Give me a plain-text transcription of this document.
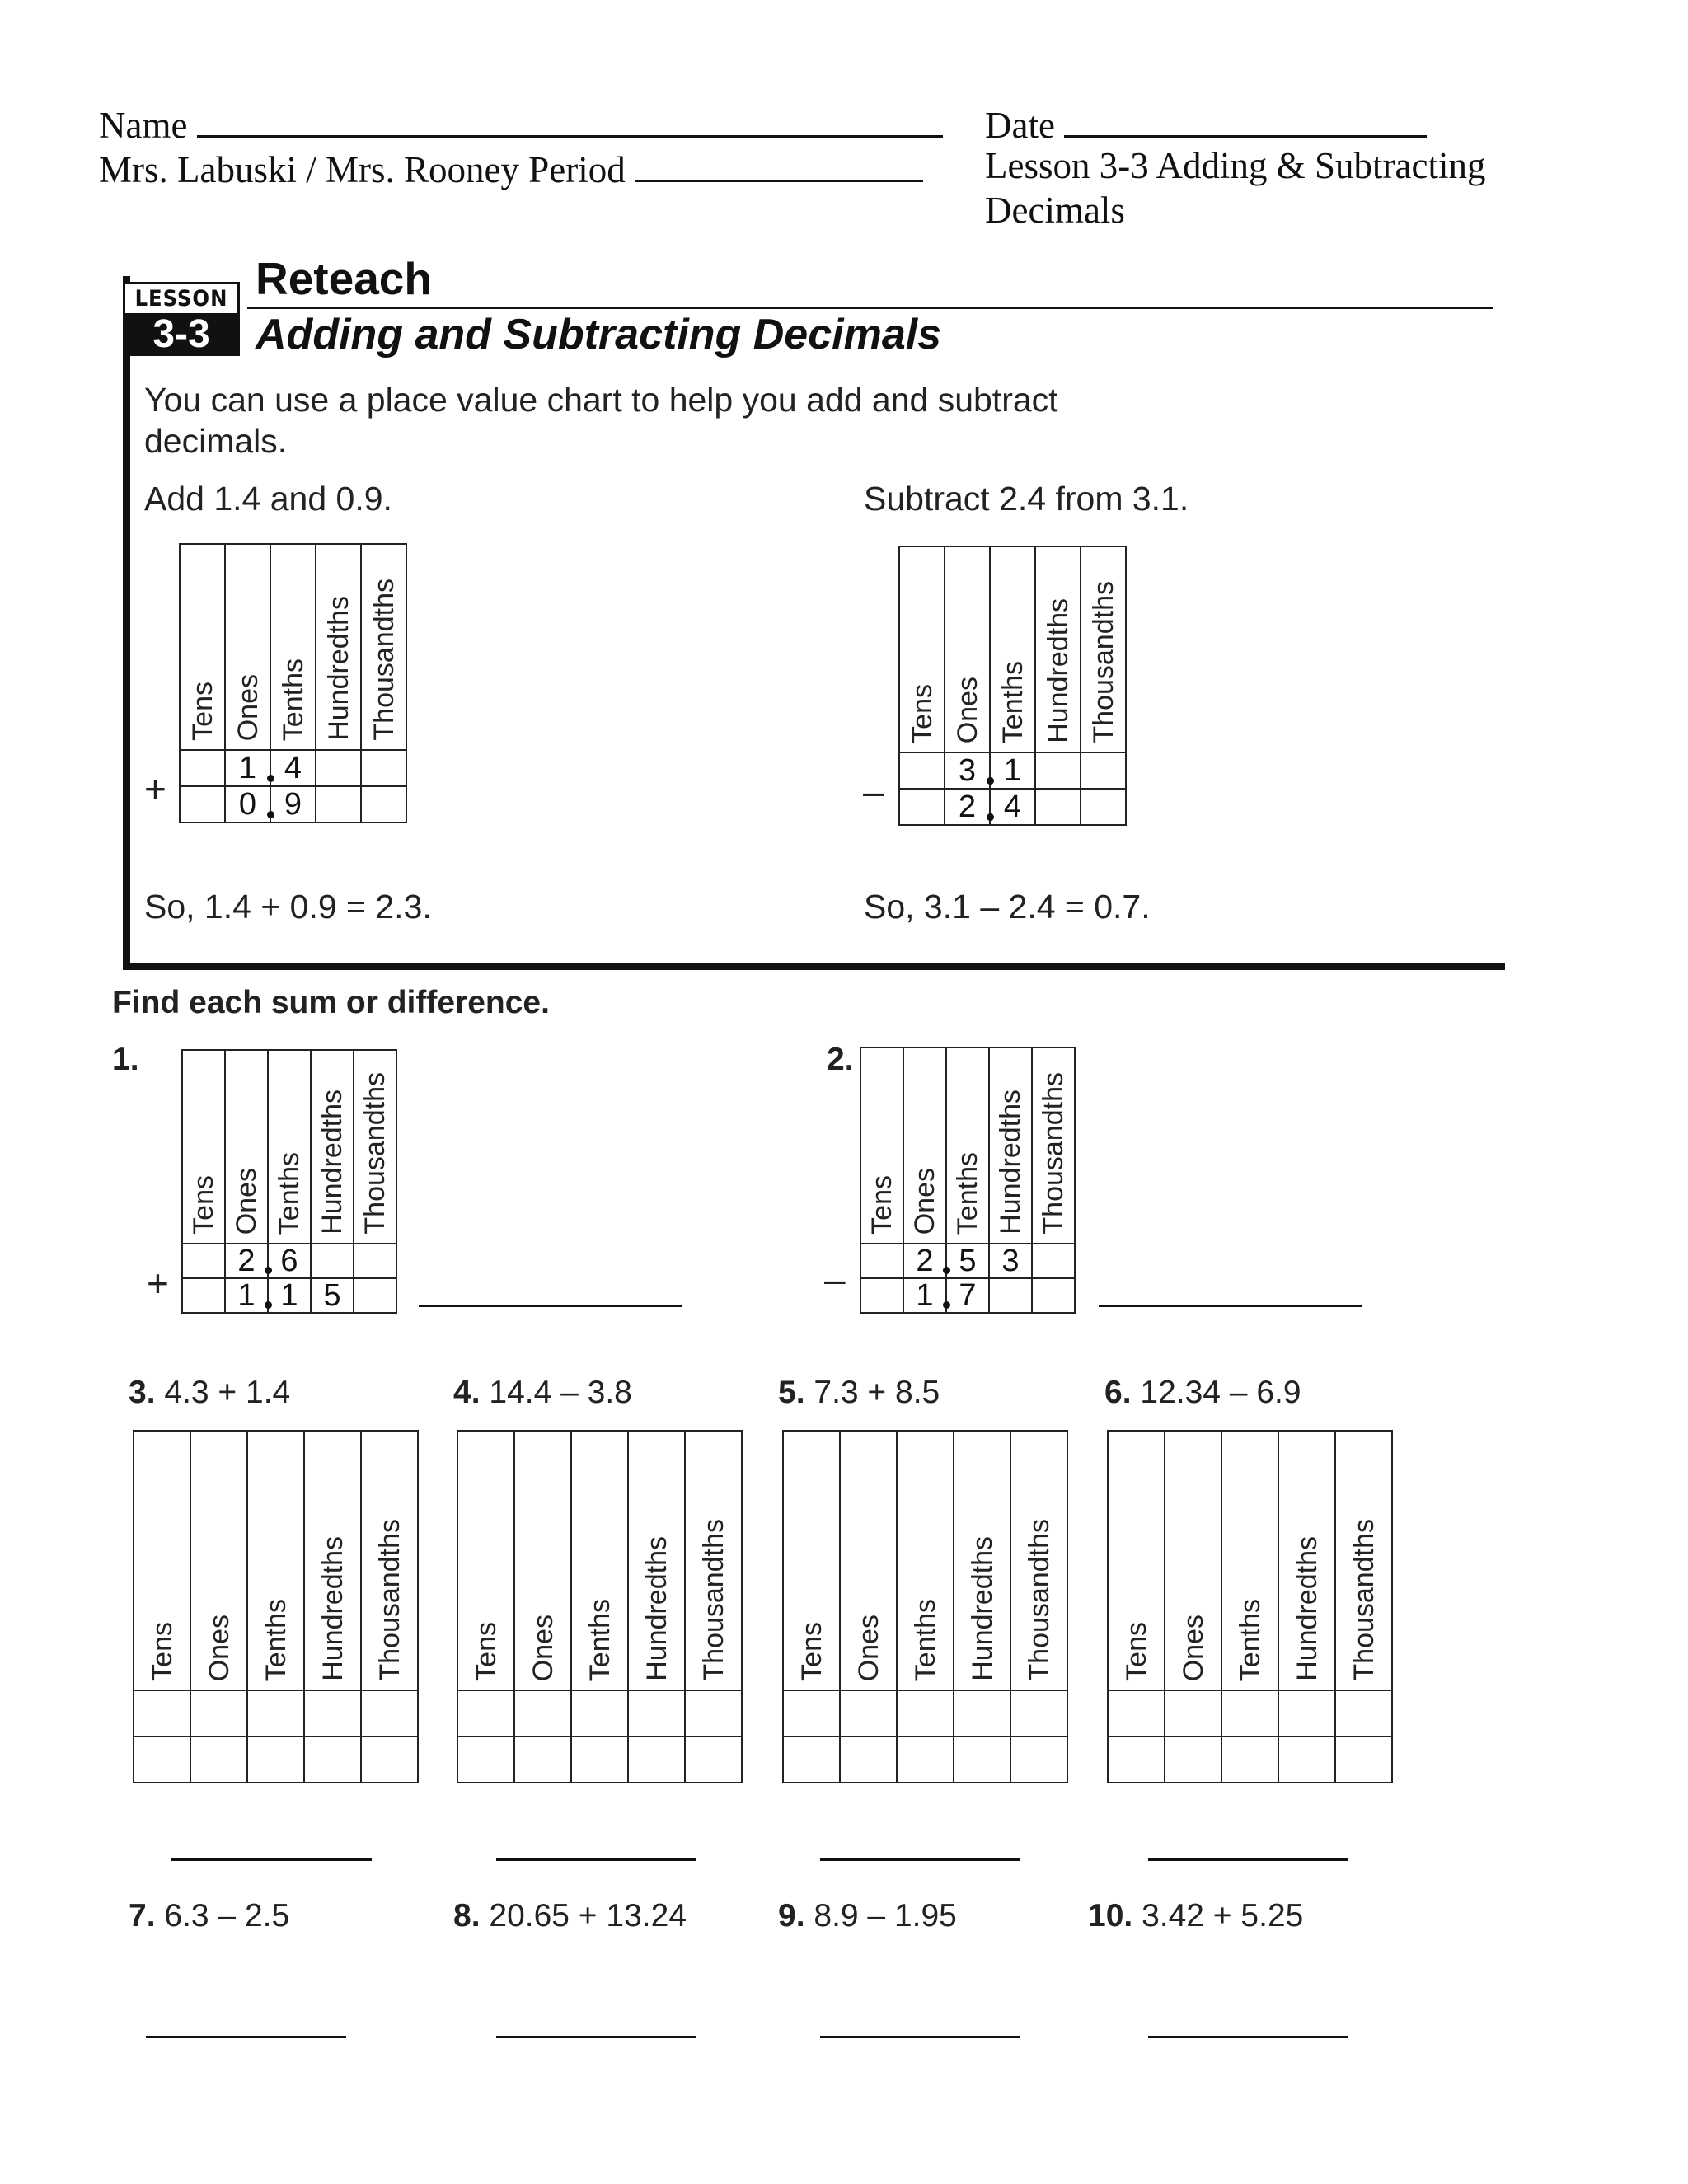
Name	Date
Mrs. Labuski / Mrs. Rooney Period	Lesson 3-3 Adding & Subtracting
Decimals
LESSON
3-3
Reteach
Adding and Subtracting Decimals
You can use a place value chart to help you add and subtract
decimals.
Add 1.4 and 0.9.
+
Tens	Ones	Tenths	Hundredths	Thousandths
	1	4		
	0	9		
So, 1.4 + 0.9 = 2.3.
Subtract 2.4 from 3.1.
–
Tens	Ones	Tenths	Hundredths	Thousandths
	3	1		
	2	4		
So, 3.1 – 2.4 = 0.7.
Find each sum or difference.
1.
+
Tens	Ones	Tenths	Hundredths	Thousandths
	2	6		
	1	1	5	
2.
–
Tens	Ones	Tenths	Hundredths	Thousandths
	2	5	3	
	1	7		
3. 4.3 + 1.4	4. 14.4 – 3.8	5. 7.3 + 8.5	6. 12.34 – 6.9
Tens	Ones	Tenths	Hundredths	Thousandths

				Tens	Ones	Tenths	Hundredths	Thousandths

				Tens	Ones	Tenths	Hundredths	Thousandths

				Tens	Ones	Tenths	Hundredths	Thousandths

7. 6.3 – 2.5	8. 20.65 + 13.24	9. 8.9 – 1.95	10. 3.42 + 5.25
